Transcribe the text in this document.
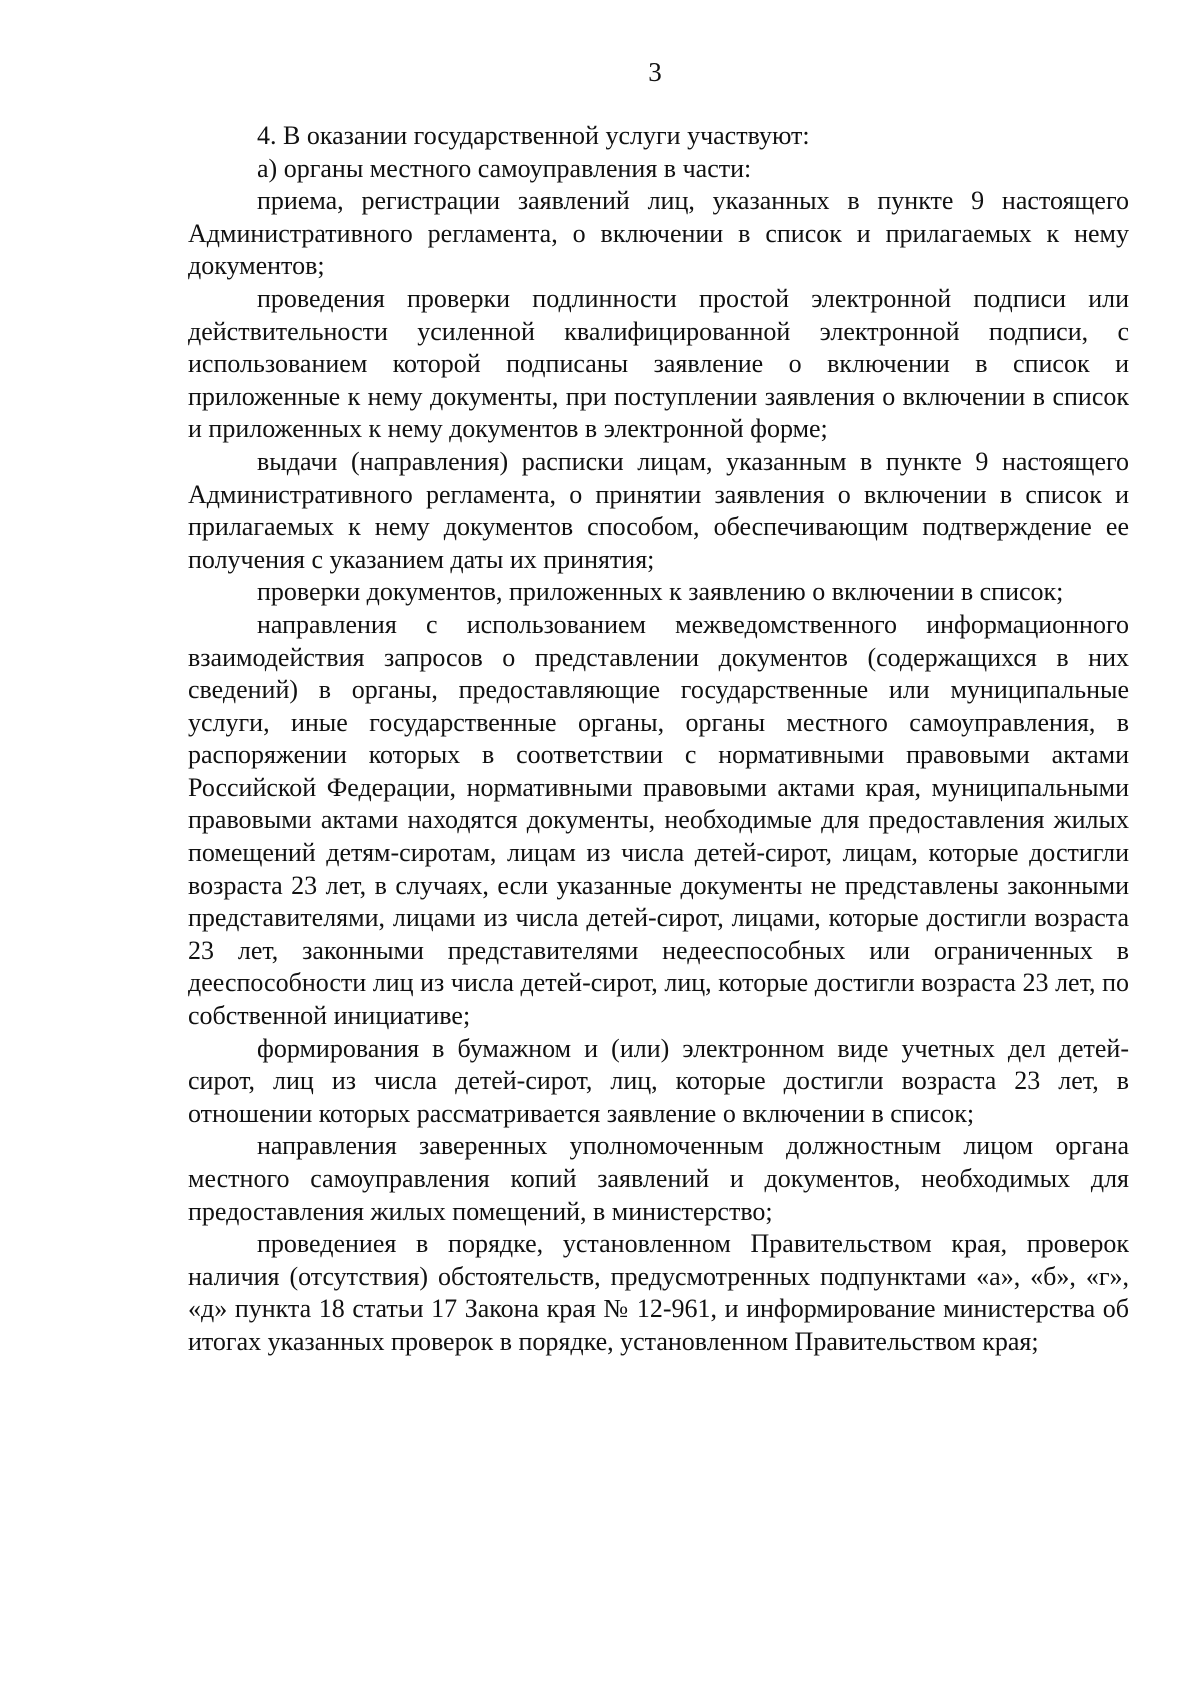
3

4. В оказании государственной услуги участвуют:

а) органы местного самоуправления в части:

приема, регистрации заявлений лиц, указанных в пункте 9 настоящего Административного регламента, о включении в список и прилагаемых к нему документов;

проведения проверки подлинности простой электронной подписи или действительности усиленной квалифицированной электронной подписи, с использованием которой подписаны заявление о включении в список и приложенные к нему документы, при поступлении заявления о включении в список и приложенных к нему документов в электронной форме;

выдачи (направления) расписки лицам, указанным в пункте 9 настоящего Административного регламента, о принятии заявления о включении в список и прилагаемых к нему документов способом, обеспечивающим подтверждение ее получения с указанием даты их принятия;

проверки документов, приложенных к заявлению о включении в список;

направления с использованием межведомственного информационного взаимодействия запросов о представлении документов (содержащихся в них сведений) в органы, предоставляющие государственные или муниципальные услуги, иные государственные органы, органы местного самоуправления, в распоряжении которых в соответствии с нормативными правовыми актами Российской Федерации, нормативными правовыми актами края, муниципальными правовыми актами находятся документы, необходимые для предоставления жилых помещений детям-сиротам, лицам из числа детей-сирот, лицам, которые достигли возраста 23 лет, в случаях, если указанные документы не представлены законными представителями, лицами из числа детей-сирот, лицами, которые достигли возраста 23 лет, законными представителями недееспособных или ограниченных в дееспособности лиц из числа детей-сирот, лиц, которые достигли возраста 23 лет, по собственной инициативе;

формирования в бумажном и (или) электронном виде учетных дел детей-сирот, лиц из числа детей-сирот, лиц, которые достигли возраста 23 лет, в отношении которых рассматривается заявление о включении в список;

направления заверенных уполномоченным должностным лицом органа местного самоуправления копий заявлений и документов, необходимых для предоставления жилых помещений, в министерство;

проведениея в порядке, установленном Правительством края, проверок наличия (отсутствия) обстоятельств, предусмотренных подпунктами «а», «б», «г», «д» пункта 18 статьи 17 Закона края № 12-961, и информирование министерства об итогах указанных проверок в порядке, установленном Правительством края;
